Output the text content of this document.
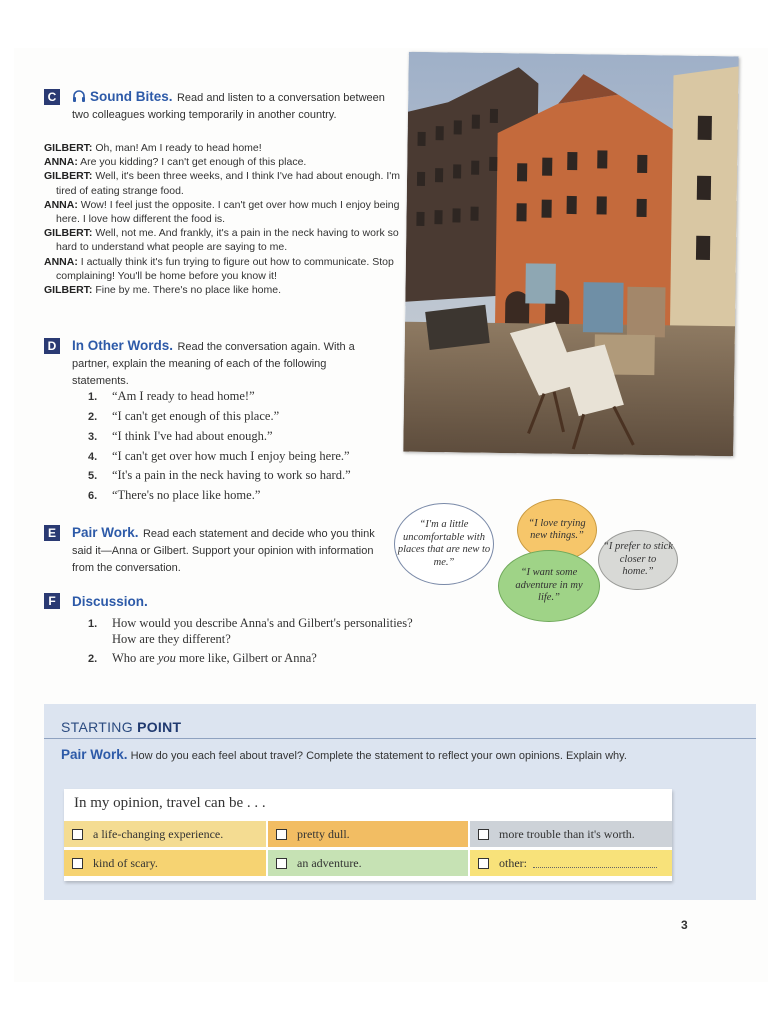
C	Sound Bites. Read and listen to a conversation between two colleagues working temporarily in another country.
GILBERT: Oh, man! Am I ready to head home!
ANNA: Are you kidding? I can't get enough of this place.
GILBERT: Well, it's been three weeks, and I think I've had about enough. I'm tired of eating strange food.
ANNA: Wow! I feel just the opposite. I can't get over how much I enjoy being here. I love how different the food is.
GILBERT: Well, not me. And frankly, it's a pain in the neck having to work so hard to understand what people are saying to me.
ANNA: I actually think it's fun trying to figure out how to communicate. Stop complaining! You'll be home before you know it!
GILBERT: Fine by me. There's no place like home.
D In Other Words. Read the conversation again. With a partner, explain the meaning of each of the following statements.
1. “Am I ready to head home!”
2. “I can't get enough of this place.”
3. “I think I've had about enough.”
4. “I can't get over how much I enjoy being here.”
5. “It's a pain in the neck having to work so hard.”
6. “There's no place like home.”
E Pair Work. Read each statement and decide who you think said it—Anna or Gilbert. Support your opinion with information from the conversation.
F	Discussion.
1. How would you describe Anna's and Gilbert's personalities?
How are they different?
2. Who are you more like, Gilbert or Anna?
“I'm a little uncomfortable with places that are new to me.”
“I love trying new things.”
“I want some adventure in my life.”
“I prefer to stick closer to home.”
STARTING POINT
Pair Work. How do you each feel about travel? Complete the statement to reflect your own opinions. Explain why.
In my opinion, travel can be . . .
a life-changing experience.	pretty dull.	more trouble than it's worth.
kind of scary.	an adventure.	other:
3
